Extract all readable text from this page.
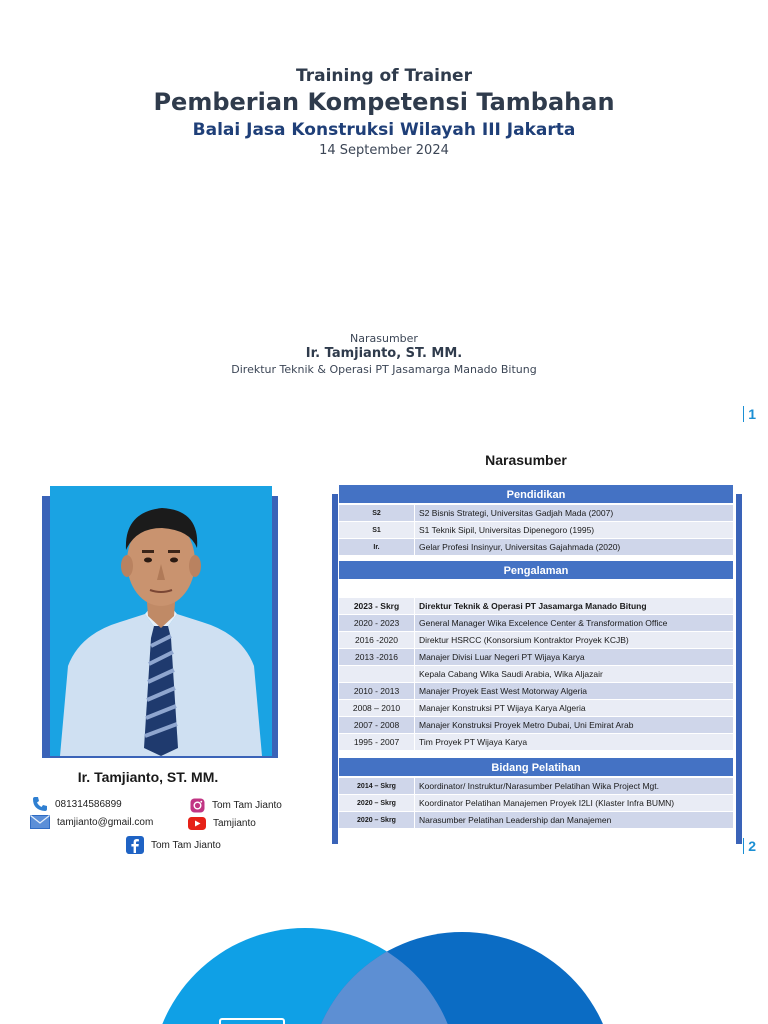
Training of Trainer
Pemberian Kompetensi Tambahan
Balai Jasa Konstruksi Wilayah III Jakarta
14 September 2024
Narasumber
Ir. Tamjianto, ST. MM.
Direktur Teknik & Operasi PT Jasamarga Manado Bitung
1
Narasumber
Ir. Tamjianto, ST. MM.
081314586899
tamjianto@gmail.com
Tom Tam Jianto
Tamjianto
Tom Tam Jianto
Pendidikan
S2	S2 Bisnis Strategi, Universitas Gadjah Mada (2007)
S1	S1 Teknik Sipil, Universitas Dipenegoro (1995)
Ir.	Gelar Profesi Insinyur, Universitas Gajahmada (2020)
Pengalaman

2023 - Skrg	Direktur Teknik & Operasi PT Jasamarga Manado Bitung
2020 - 2023	General Manager Wika Excelence Center & Transformation Office
2016 -2020	Direktur HSRCC (Konsorsium Kontraktor Proyek KCJB)
2013 -2016	Manajer Divisi Luar Negeri PT Wijaya Karya
	Kepala Cabang Wika Saudi Arabia, Wika Aljazair
2010 - 2013	Manajer Proyek East West Motorway Algeria
2008 – 2010	Manajer Konstruksi PT Wijaya Karya Algeria
2007 - 2008	Manajer Konstruksi Proyek Metro Dubai, Uni Emirat Arab
1995 - 2007	Tim Proyek PT Wijaya Karya
Bidang Pelatihan
2014 – Skrg	Koordinator/ Instruktur/Narasumber Pelatihan Wika Project Mgt.
2020 – Skrg	Koordinator Pelatihan Manajemen Proyek I2LI (Klaster Infra BUMN)
2020 – Skrg	Narasumber Pelatihan Leadership dan Manajemen
2
